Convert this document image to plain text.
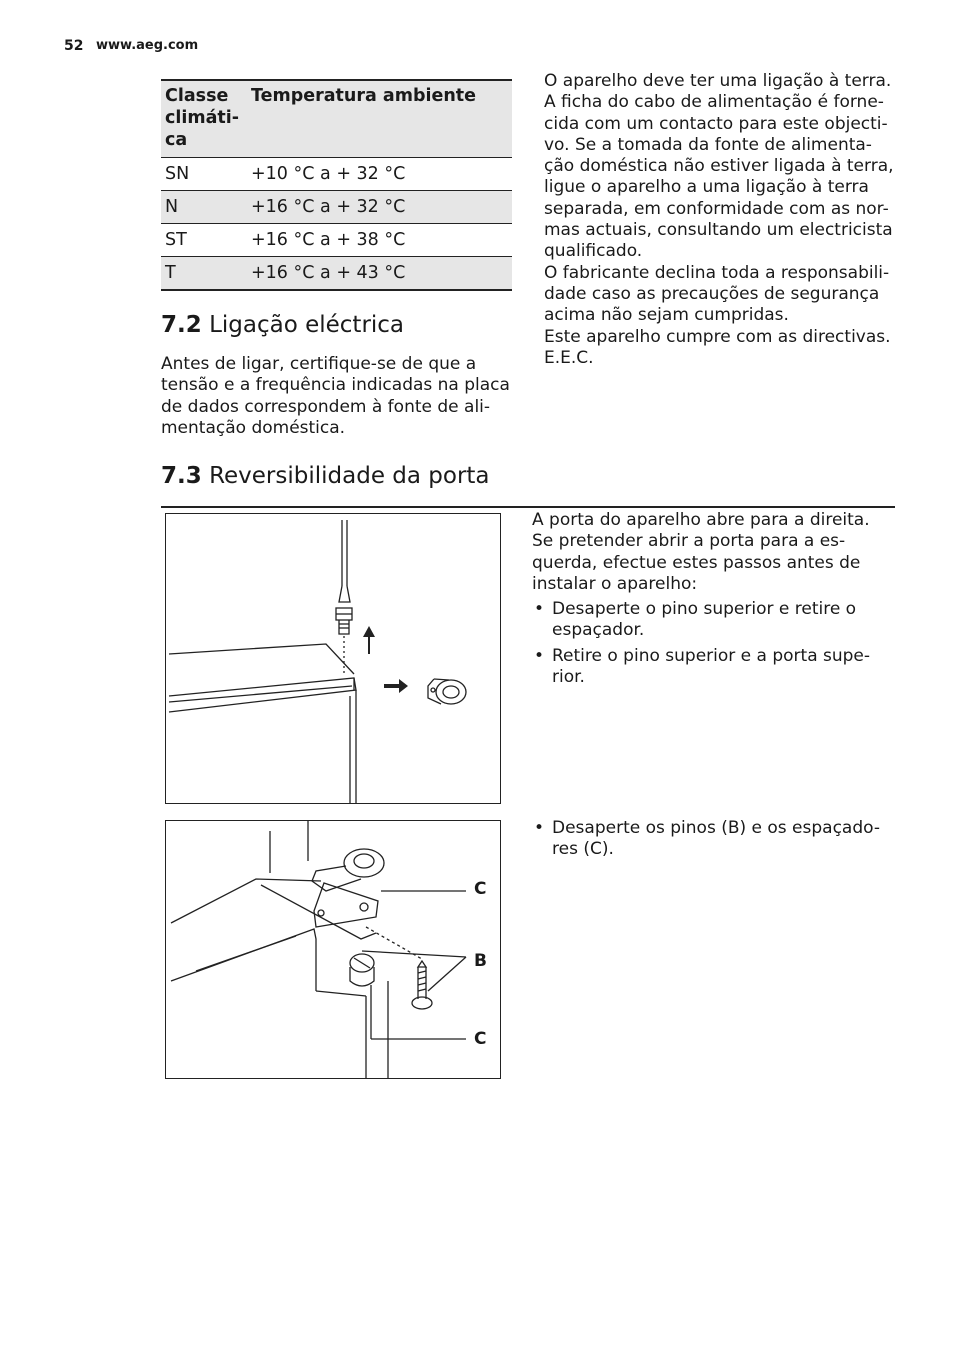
52 www.aeg.com
Classe climáti-
ca	Temperatura ambiente
SN	+10 °C a + 32 °C
N	+16 °C a + 32 °C
ST	+16 °C a + 38 °C
T	+16 °C a + 43 °C
7.2 Ligação eléctrica
Antes de ligar, certifique-se de que a
tensão e a frequência indicadas na placa
de dados correspondem à fonte de ali-
mentação doméstica.
O aparelho deve ter uma ligação à terra.
A ficha do cabo de alimentação é forne-
cida com um contacto para este objecti-
vo. Se a tomada da fonte de alimenta-
ção doméstica não estiver ligada à terra,
ligue o aparelho a uma ligação à terra
separada, em conformidade com as nor-
mas actuais, consultando um electricista
qualificado.
O fabricante declina toda a responsabili-
dade caso as precauções de segurança
acima não sejam cumpridas.
Este aparelho cumpre com as directivas.
E.E.C.
7.3 Reversibilidade da porta
A porta do aparelho abre para a direita.
Se pretender abrir a porta para a es-
querda, efectue estes passos antes de
instalar o aparelho:
• Desaperte o pino superior e retire o
espaçador.
• Retire o pino superior e a porta supe-
rior.
C
B
C
• Desaperte os pinos (B) e os espaçado-
res (C).
